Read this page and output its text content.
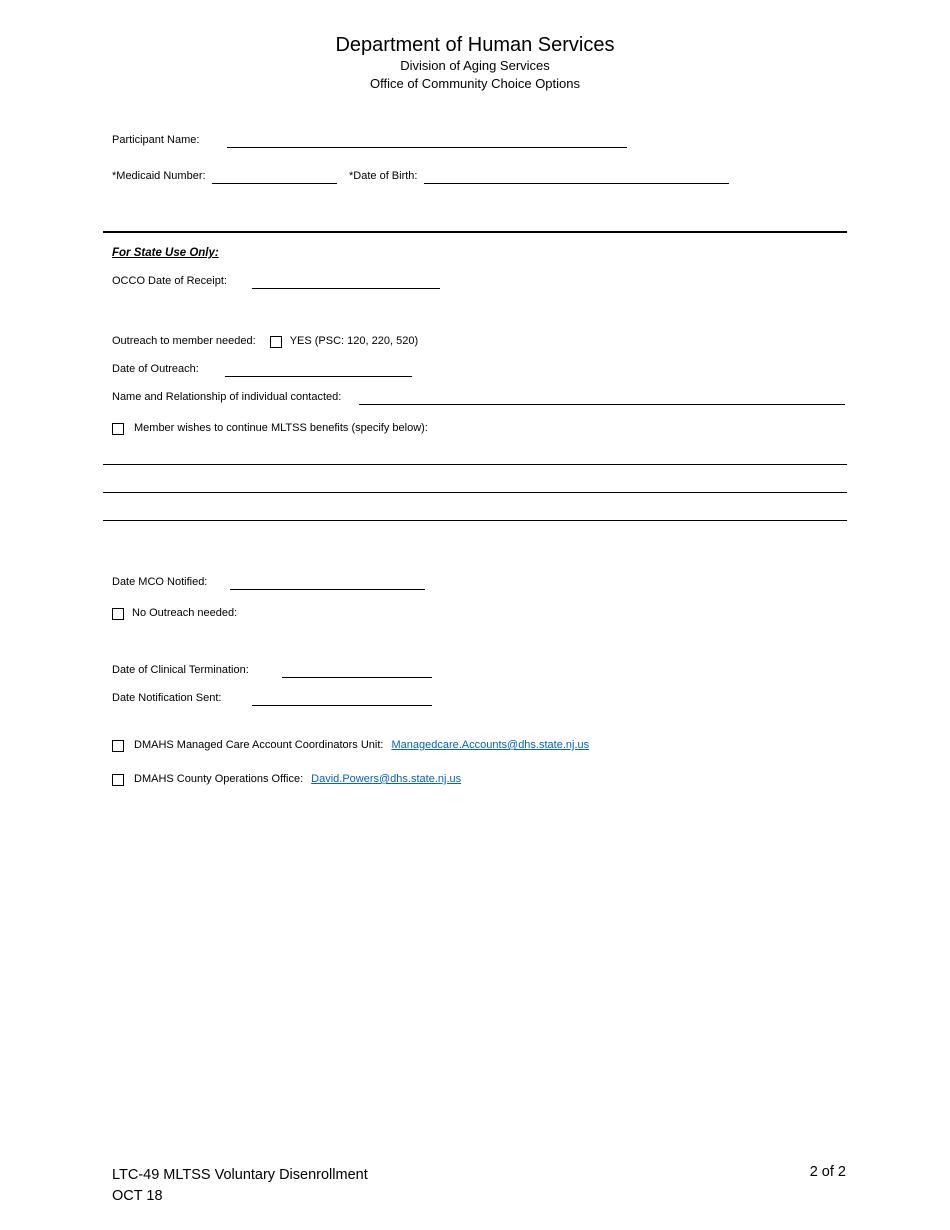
Department of Human Services
Division of Aging Services
Office of Community Choice Options
Participant Name:
*Medicaid Number:	*Date of Birth:
For State Use Only:
OCCO Date of Receipt:
Outreach to member needed:	YES (PSC: 120, 220, 520)
Date of Outreach:
Name and Relationship of individual contacted:
Member wishes to continue MLTSS benefits (specify below):
Date MCO Notified:
No Outreach needed:
Date of Clinical Termination:
Date Notification Sent:
DMAHS Managed Care Account Coordinators Unit: Managedcare.Accounts@dhs.state.nj.us
DMAHS County Operations Office: David.Powers@dhs.state.nj.us
LTC-49 MLTSS Voluntary Disenrollment
OCT 18
2 of 2
